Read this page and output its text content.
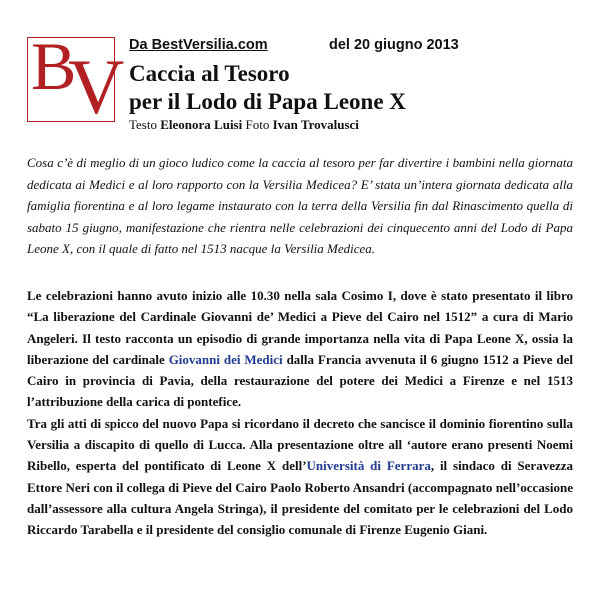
B
V Da BestVersilia.com	del 20 giugno 2013
Caccia al Tesoro
per il Lodo di Papa Leone X
Testo Eleonora Luisi Foto Ivan Trovalusci

Cosa c’è di meglio di un gioco ludico come la caccia al tesoro per far divertire i bambini nella giornata dedicata ai Medici e al loro rapporto con la Versilia Medicea? E’ stata un’intera giornata dedicata alla famiglia fiorentina e al loro legame instaurato con la terra della Versilia fin dal Rinascimento quella di sabato 15 giugno, manifestazione che rientra nelle celebrazioni dei cinquecento anni del Lodo di Papa Leone X, con il quale di fatto nel 1513 nacque la Versilia Medicea.

Le celebrazioni hanno avuto inizio alle 10.30 nella sala Cosimo I, dove è stato presentato il libro “La liberazione del Cardinale Giovanni de’ Medici a Pieve del Cairo nel 1512” a cura di Mario Angeleri. Il testo racconta un episodio di grande importanza nella vita di Papa Leone X, ossia la liberazione del cardinale Giovanni dei Medici dalla Francia avvenuta il 6 giugno 1512 a Pieve del Cairo in provincia di Pavia, della restaurazione del potere dei Medici a Firenze e nel 1513 l’attribuzione della carica di pontefice.

Tra gli atti di spicco del nuovo Papa si ricordano il decreto che sancisce il dominio fiorentino sulla Versilia a discapito di quello di Lucca. Alla presentazione oltre all ‘autore erano presenti Noemi Ribello, esperta del pontificato di Leone X dell’Università di Ferrara, il sindaco di Seravezza Ettore Neri con il collega di Pieve del Cairo Paolo Roberto Ansandri (accompagnato nell’occasione dall’assessore alla cultura Angela Stringa), il presidente del comitato per le celebrazioni del Lodo Riccardo Tarabella e il presidente del consiglio comunale di Firenze Eugenio Giani.
